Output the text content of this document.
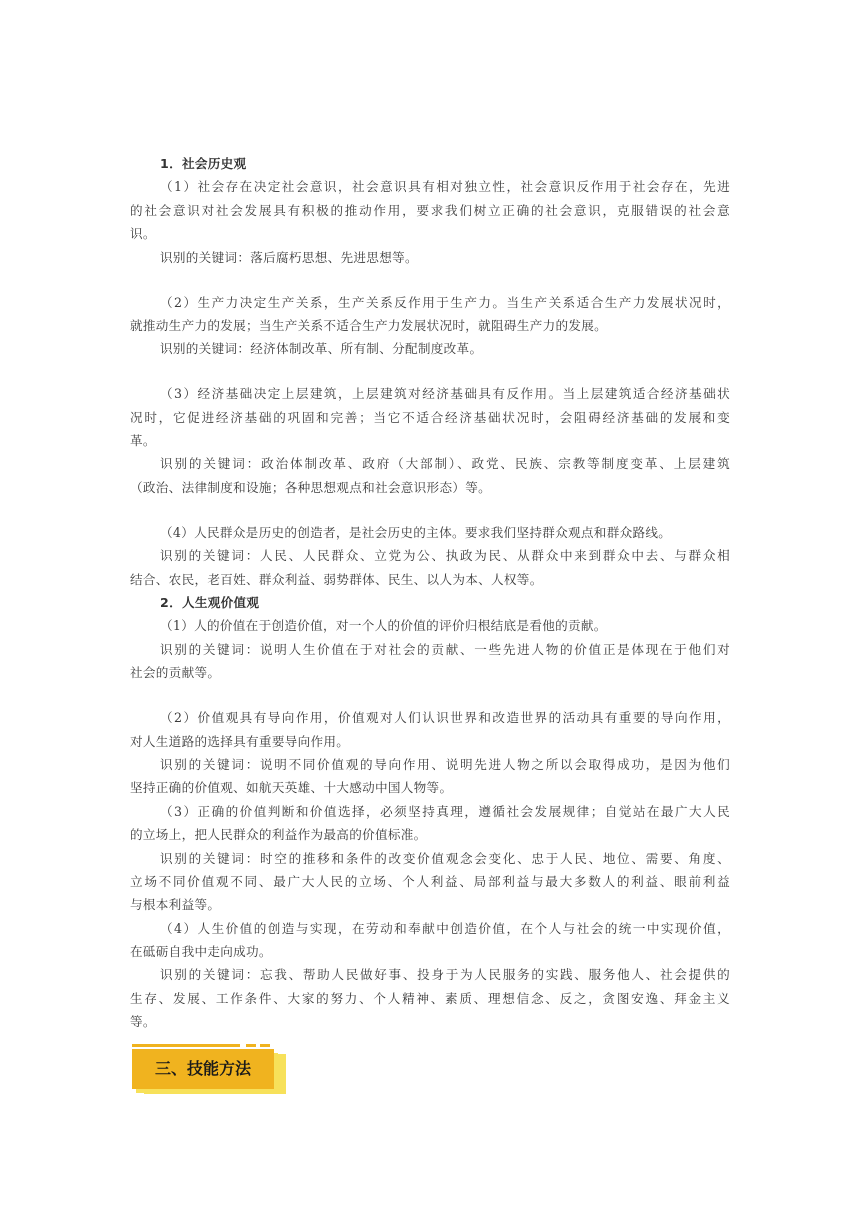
1．社会历史观
（1）社会存在决定社会意识，社会意识具有相对独立性，社会意识反作用于社会存在，先进
的社会意识对社会发展具有积极的推动作用，要求我们树立正确的社会意识，克服错误的社会意
识。
识别的关键词：落后腐朽思想、先进思想等。
（2）生产力决定生产关系，生产关系反作用于生产力。当生产关系适合生产力发展状况时，
就推动生产力的发展；当生产关系不适合生产力发展状况时，就阻碍生产力的发展。
识别的关键词：经济体制改革、所有制、分配制度改革。
（3）经济基础决定上层建筑，上层建筑对经济基础具有反作用。当上层建筑适合经济基础状
况时，它促进经济基础的巩固和完善；当它不适合经济基础状况时，会阻碍经济基础的发展和变
革。
识别的关键词：政治体制改革、政府（大部制）、政党、民族、宗教等制度变革、上层建筑
（政治、法律制度和设施；各种思想观点和社会意识形态）等。
（4）人民群众是历史的创造者，是社会历史的主体。要求我们坚持群众观点和群众路线。
识别的关键词：人民、人民群众、立党为公、执政为民、从群众中来到群众中去、与群众相
结合、农民，老百姓、群众利益、弱势群体、民生、以人为本、人权等。
2．人生观价值观
（1）人的价值在于创造价值，对一个人的价值的评价归根结底是看他的贡献。
识别的关键词：说明人生价值在于对社会的贡献、一些先进人物的价值正是体现在于他们对
社会的贡献等。
（2）价值观具有导向作用，价值观对人们认识世界和改造世界的活动具有重要的导向作用，
对人生道路的选择具有重要导向作用。
识别的关键词：说明不同价值观的导向作用、说明先进人物之所以会取得成功，是因为他们
坚持正确的价值观、如航天英雄、十大感动中国人物等。
（3）正确的价值判断和价值选择，必须坚持真理，遵循社会发展规律；自觉站在最广大人民
的立场上，把人民群众的利益作为最高的价值标准。
识别的关键词：时空的推移和条件的改变价值观念会变化、忠于人民、地位、需要、角度、
立场不同价值观不同、最广大人民的立场、个人利益、局部利益与最大多数人的利益、眼前利益
与根本利益等。
（4）人生价值的创造与实现，在劳动和奉献中创造价值，在个人与社会的统一中实现价值，
在砥砺自我中走向成功。
识别的关键词：忘我、帮助人民做好事、投身于为人民服务的实践、服务他人、社会提供的
生存、发展、工作条件、大家的努力、个人精神、素质、理想信念、反之，贪图安逸、拜金主义
等。
三、技能方法
